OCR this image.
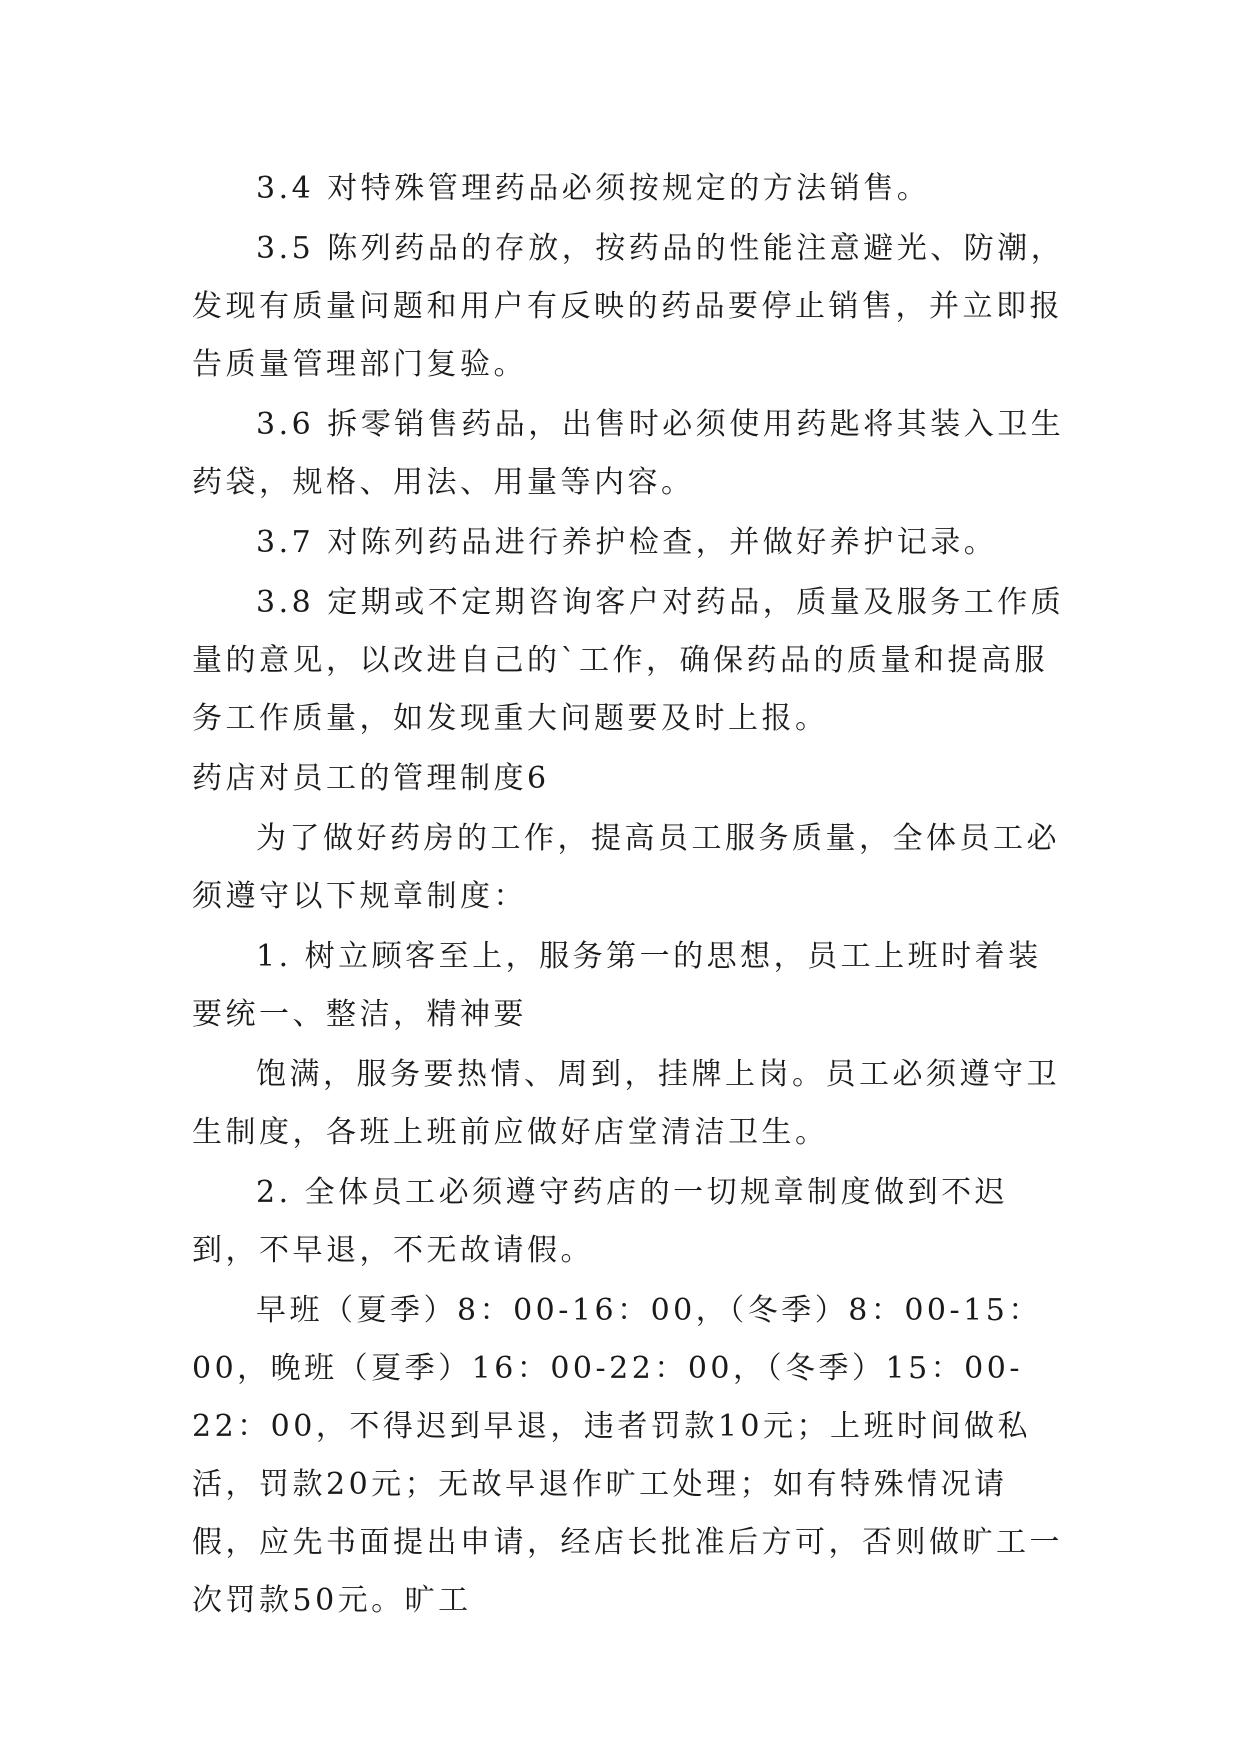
3.4 对特殊管理药品必须按规定的方法销售。

3.5 陈列药品的存放，按药品的性能注意避光、防潮，发现有质量问题和用户有反映的药品要停止销售，并立即报告质量管理部门复验。

3.6 拆零销售药品，出售时必须使用药匙将其装入卫生药袋，规格、用法、用量等内容。

3.7 对陈列药品进行养护检查，并做好养护记录。

3.8 定期或不定期咨询客户对药品，质量及服务工作质量的意见，以改进自己的`工作，确保药品的质量和提高服务工作质量，如发现重大问题要及时上报。

药店对员工的管理制度6

为了做好药房的工作，提高员工服务质量，全体员工必须遵守以下规章制度：

1. 树立顾客至上，服务第一的思想，员工上班时着装要统一、整洁，精神要

饱满，服务要热情、周到，挂牌上岗。员工必须遵守卫生制度，各班上班前应做好店堂清洁卫生。

2. 全体员工必须遵守药店的一切规章制度做到不迟到，不早退，不无故请假。

早班（夏季）8：00-16：00，（冬季）8：00-15：00，晚班（夏季）16：00-22：00，（冬季）15：00-22：00，不得迟到早退，违者罚款10元；上班时间做私活，罚款20元；无故早退作旷工处理；如有特殊情况请假，应先书面提出申请，经店长批准后方可，否则做旷工一次罚款50元。旷工
